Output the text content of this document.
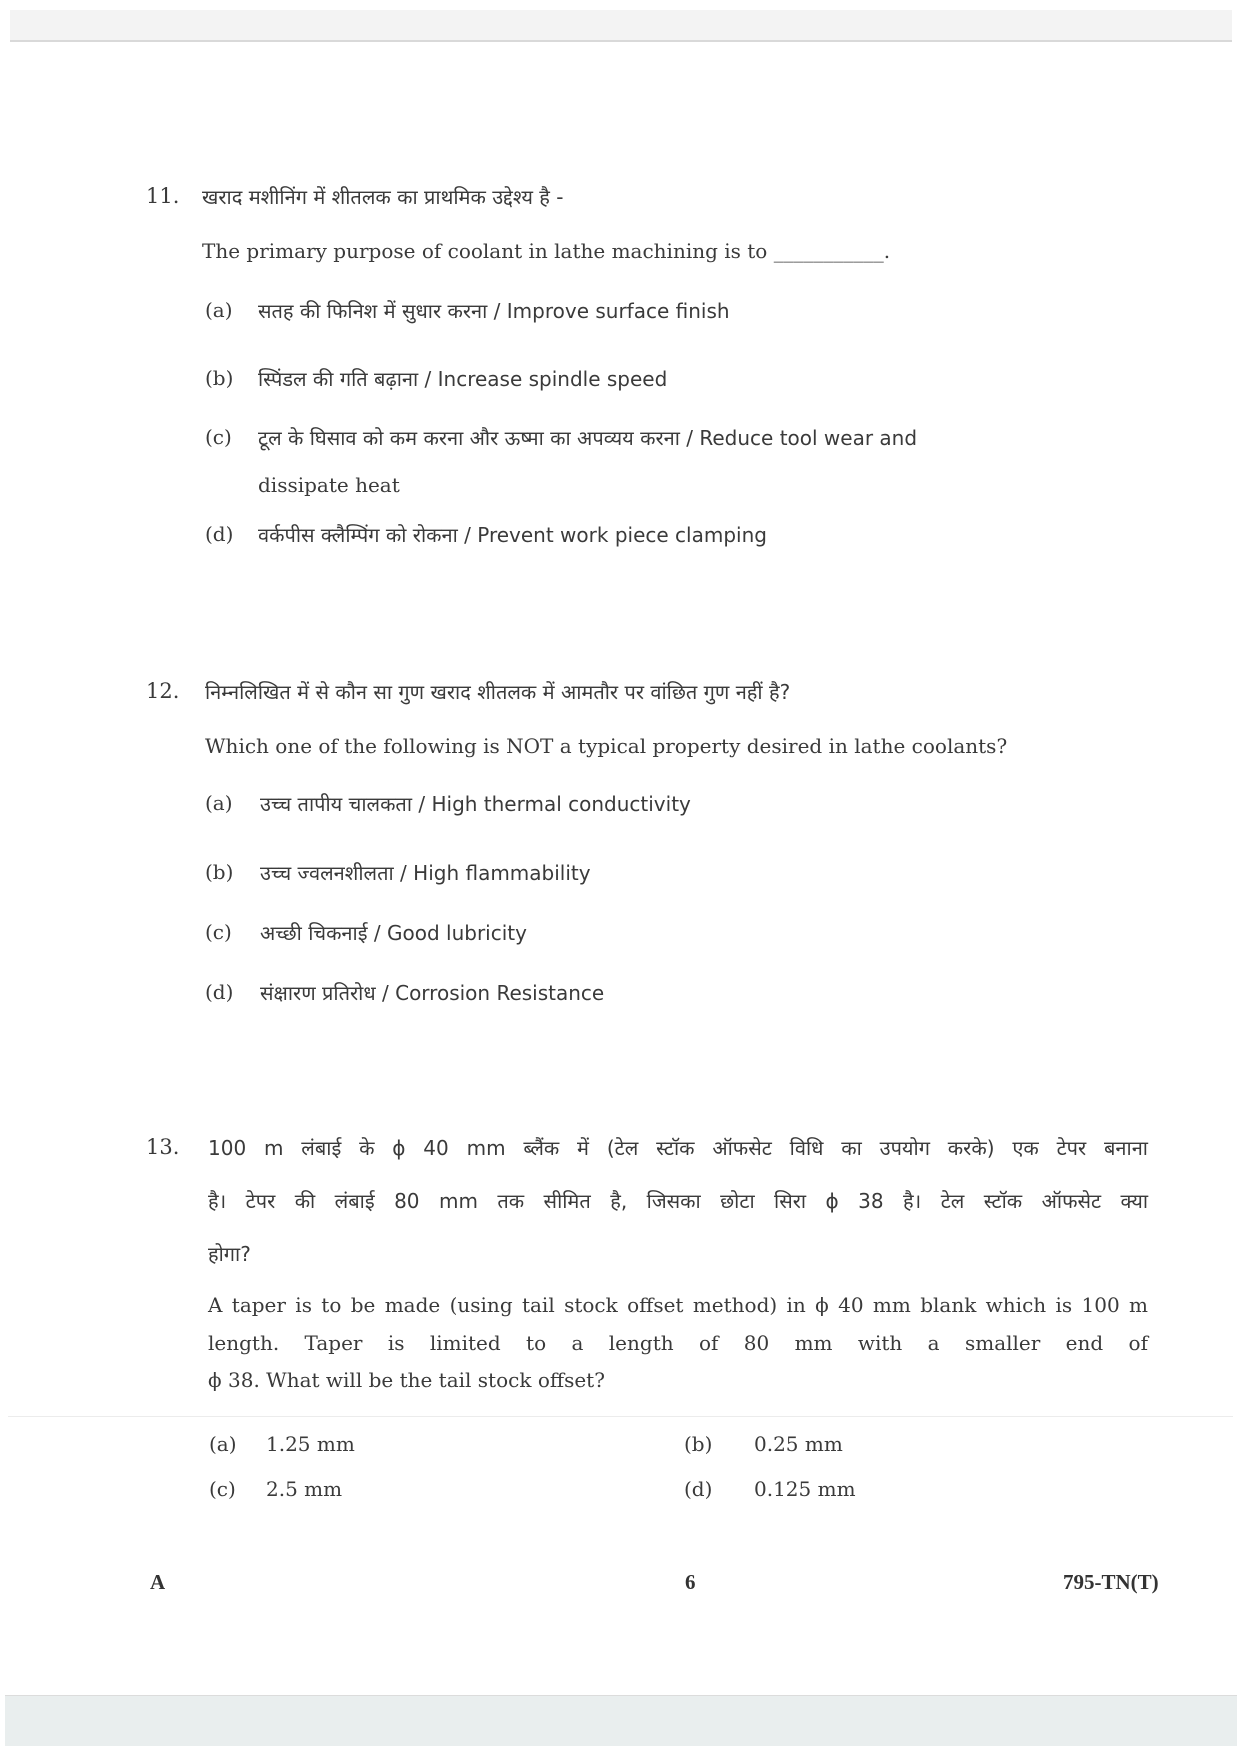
11. खराद मशीनिंग में शीतलक का प्राथमिक उद्देश्य है -
The primary purpose of coolant in lathe machining is to ___________.
(a) सतह की फिनिश में सुधार करना / Improve surface finish
(b) स्पिंडल की गति बढ़ाना / Increase spindle speed
(c) टूल के घिसाव को कम करना और ऊष्मा का अपव्यय करना / Reduce tool wear and
dissipate heat
(d) वर्कपीस क्लैम्पिंग को रोकना / Prevent work piece clamping
12. निम्नलिखित में से कौन सा गुण खराद शीतलक में आमतौर पर वांछित गुण नहीं है?
Which one of the following is NOT a typical property desired in lathe coolants?
(a) उच्च तापीय चालकता / High thermal conductivity
(b) उच्च ज्वलनशीलता / High flammability
(c) अच्छी चिकनाई / Good lubricity
(d) संक्षारण प्रतिरोध / Corrosion Resistance
13. 100 m लंबाई के ϕ 40 mm ब्लैंक में (टेल स्टॉक ऑफसेट विधि का उपयोग करके) एक टेपर बनाना
है। टेपर की लंबाई 80 mm तक सीमित है, जिसका छोटा सिरा ϕ 38 है। टेल स्टॉक ऑफसेट क्या
होगा?
A taper is to be made (using tail stock offset method) in ϕ 40 mm blank which is 100 m
length. Taper is limited to a length of 80 mm with a smaller end of
ϕ 38. What will be the tail stock offset?
(a) 1.25 mm	(b) 0.25 mm
(c) 2.5 mm	(d) 0.125 mm
A	6	795-TN(T)
